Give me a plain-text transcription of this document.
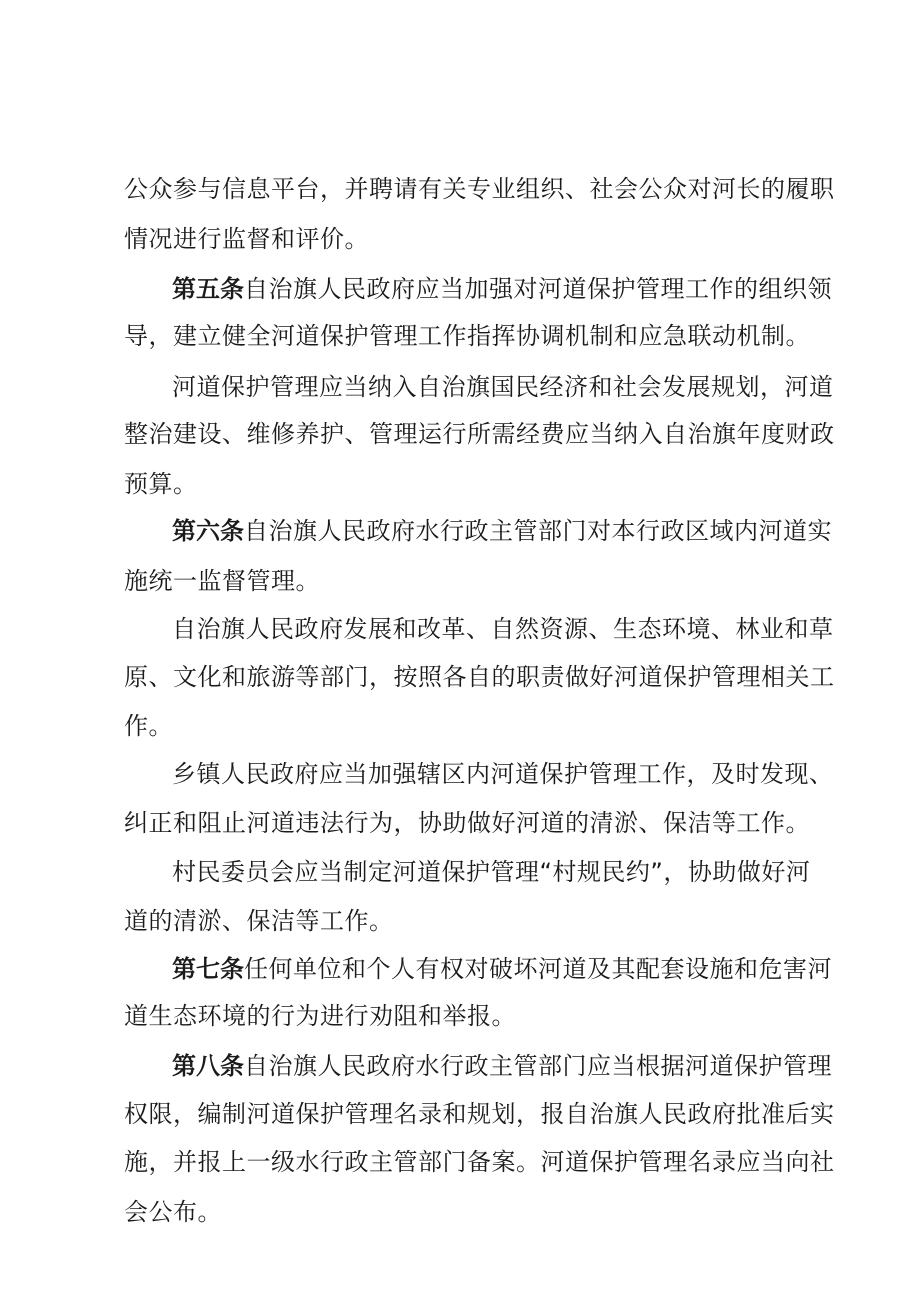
公众参与信息平台，并聘请有关专业组织、社会公众对河长的履职
情况进行监督和评价。
第五条自治旗人民政府应当加强对河道保护管理工作的组织领
导，建立健全河道保护管理工作指挥协调机制和应急联动机制。
河道保护管理应当纳入自治旗国民经济和社会发展规划，河道
整治建设、维修养护、管理运行所需经费应当纳入自治旗年度财政
预算。
第六条自治旗人民政府水行政主管部门对本行政区域内河道实
施统一监督管理。
自治旗人民政府发展和改革、自然资源、生态环境、林业和草
原、文化和旅游等部门，按照各自的职责做好河道保护管理相关工
作。
乡镇人民政府应当加强辖区内河道保护管理工作，及时发现、
纠正和阻止河道违法行为，协助做好河道的清淤、保洁等工作。
村民委员会应当制定河道保护管理“村规民约”，协助做好河
道的清淤、保洁等工作。
第七条任何单位和个人有权对破坏河道及其配套设施和危害河
道生态环境的行为进行劝阻和举报。
第八条自治旗人民政府水行政主管部门应当根据河道保护管理
权限，编制河道保护管理名录和规划，报自治旗人民政府批准后实
施，并报上一级水行政主管部门备案。河道保护管理名录应当向社
会公布。
